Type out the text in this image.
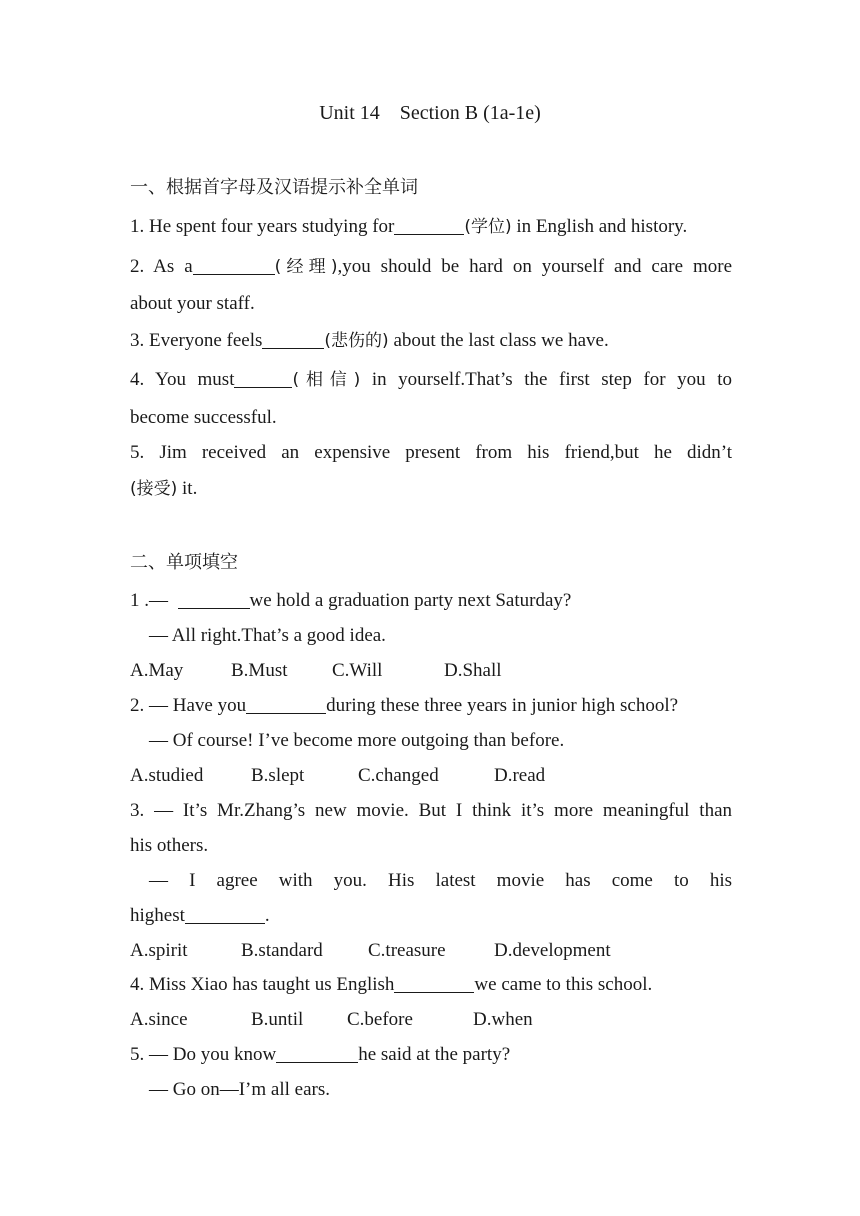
Unit 14    Section B (1a-1e)
一、根据首字母及汉语提示补全单词
1. He spent four years studying for	(学位) in English and history.
2. As a	(经理),you should be hard on yourself and care more
about your staff.
3. Everyone feels	(悲伤的) about the last class we have.
4. You must	(相信) in yourself.That’s the first step for you to
become successful.
5. Jim received an expensive present from his friend,but he didn’t
(接受) it.
二、单项填空
1 .—	we hold a graduation party next Saturday?
— All right.That’s a good idea.
A.May	B.Must C.Will	D.Shall
2. — Have you	during these three years in junior high school?
— Of course! I’ve become more outgoing than before.
A.studied	B.slept	C.changed	D.read
3. — It’s Mr.Zhang’s new movie. But I think it’s more meaningful than
his others.
— I agree with you. His latest movie has come to his
highest	.
A.spirit	B.standard C.treasure	D.development
4. Miss Xiao has taught us English	we came to this school.
A.since	B.until C.before	D.when
5. — Do you know	he said at the party?
— Go on—I’m all ears.
